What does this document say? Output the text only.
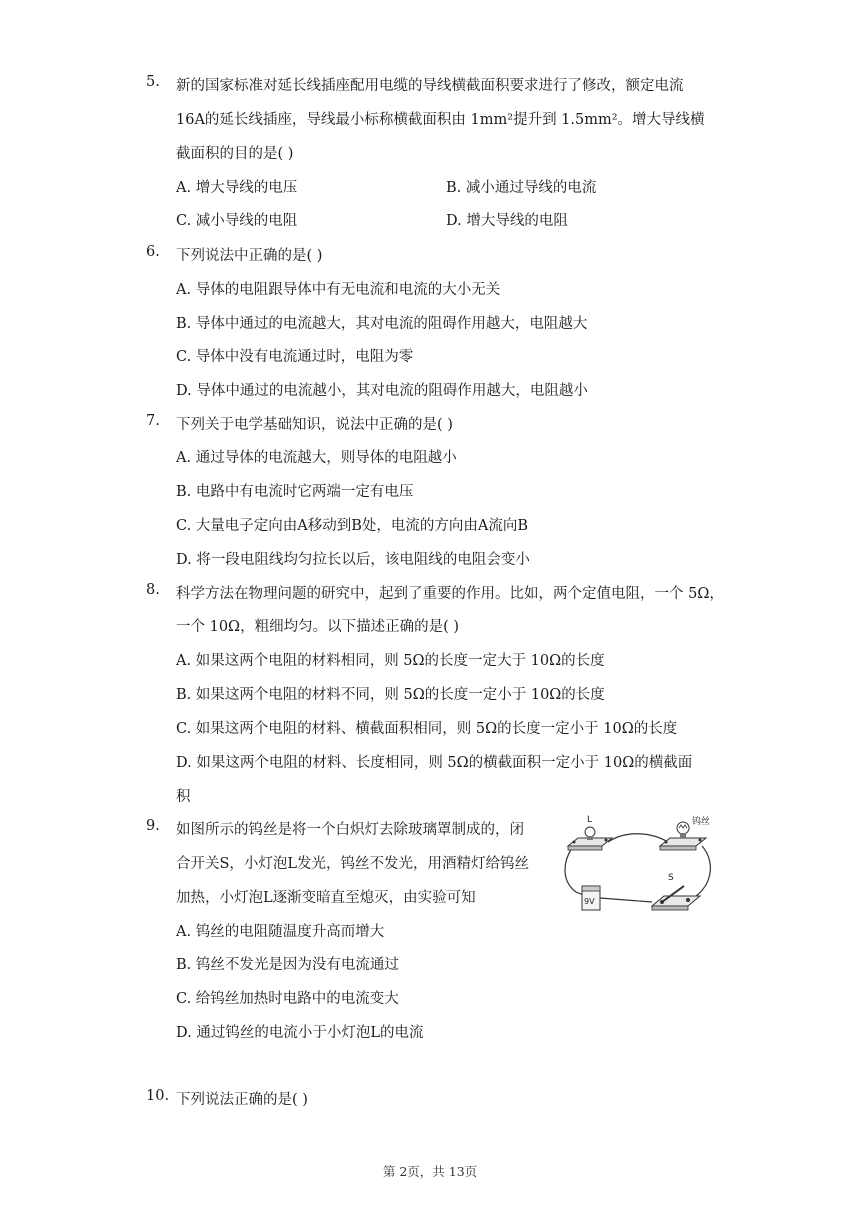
5. 新的国家标准对延长线插座配用电缆的导线横截面积要求进行了修改，额定电流
16A的延长线插座，导线最小标称横截面积由 1mm²提升到 1.5mm²。增大导线横
截面积的目的是( )
A. 增大导线的电压	B. 减小通过导线的电流
C. 减小导线的电阻	D. 增大导线的电阻
6. 下列说法中正确的是( )
A. 导体的电阻跟导体中有无电流和电流的大小无关
B. 导体中通过的电流越大，其对电流的阻碍作用越大，电阻越大
C. 导体中没有电流通过时，电阻为零
D. 导体中通过的电流越小，其对电流的阻碍作用越大，电阻越小
7. 下列关于电学基础知识，说法中正确的是( )
A. 通过导体的电流越大，则导体的电阻越小
B. 电路中有电流时它两端一定有电压
C. 大量电子定向由A移动到B处，电流的方向由A流向B
D. 将一段电阻线均匀拉长以后，该电阻线的电阻会变小
8. 科学方法在物理问题的研究中，起到了重要的作用。比如，两个定值电阻，一个 5Ω，
一个 10Ω，粗细均匀。以下描述正确的是( )
A. 如果这两个电阻的材料相同，则 5Ω的长度一定大于 10Ω的长度
B. 如果这两个电阻的材料不同，则 5Ω的长度一定小于 10Ω的长度
C. 如果这两个电阻的材料、横截面积相同，则 5Ω的长度一定小于 10Ω的长度
D. 如果这两个电阻的材料、长度相同，则 5Ω的横截面积一定小于 10Ω的横截面
积
9. 如图所示的钨丝是将一个白炽灯去除玻璃罩制成的，闭
合开关S，小灯泡L发光，钨丝不发光，用酒精灯给钨丝
加热，小灯泡L逐渐变暗直至熄灭，由实验可知
A. 钨丝的电阻随温度升高而增大
B. 钨丝不发光是因为没有电流通过
C. 给钨丝加热时电路中的电流变大
D. 通过钨丝的电流小于小灯泡L的电流
L	钨丝
S
9V
10. 下列说法正确的是( )
第 2页，共 13页
